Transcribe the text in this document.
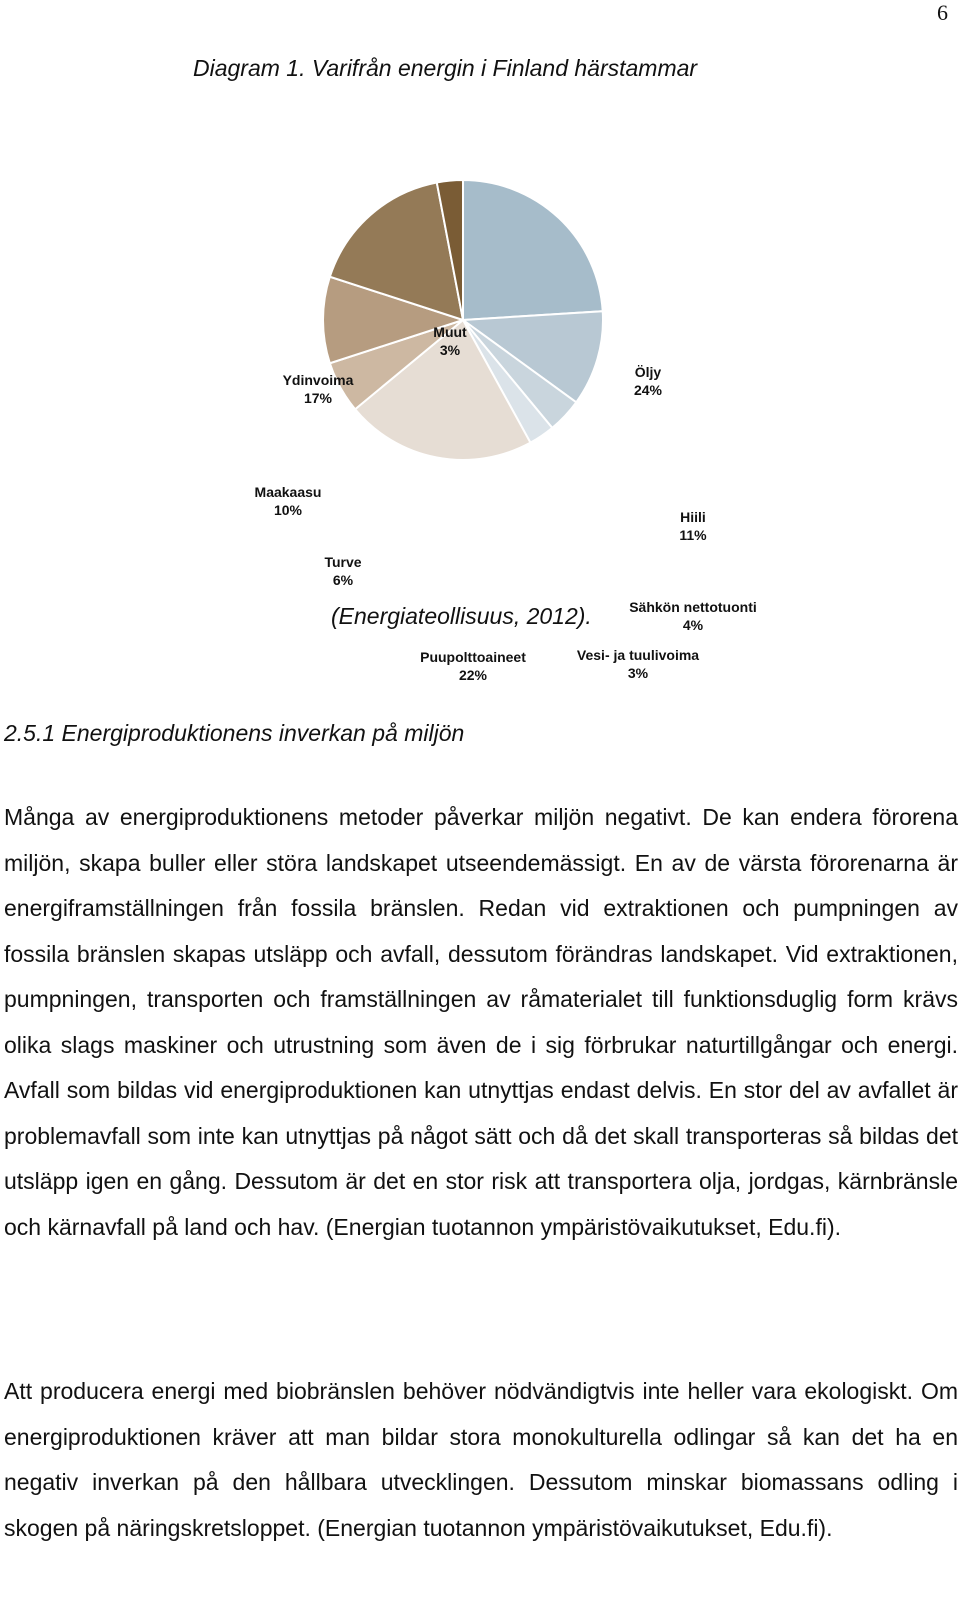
6
Diagram 1. Varifrån energin i Finland härstammar
Öljy
24%
Hiili
11%
Sähkön nettotuonti
4%
Vesi- ja tuulivoima
3%
Puupolttoaineet
22%
Turve
6%
Maakaasu
10%
Ydinvoima
17%
Muut
3%
(Energiateollisuus, 2012).
2.5.1 Energiproduktionens inverkan på miljön

Många av energiproduktionens metoder påverkar miljön negativt. De kan endera förorena miljön, skapa buller eller störa landskapet utseendemässigt. En av de värsta förorenarna är energiframställningen från fossila bränslen. Redan vid extraktionen och pumpningen av fossila bränslen skapas utsläpp och avfall, dessutom förändras landskapet. Vid extraktionen, pumpningen, transporten och framställningen av råmaterialet till funktionsduglig form krävs olika slags maskiner och utrustning som även de i sig förbrukar naturtillgångar och energi. Avfall som bildas vid energiproduktionen kan utnyttjas endast delvis. En stor del av avfallet är problemavfall som inte kan utnyttjas på något sätt och då det skall transporteras så bildas det utsläpp igen en gång. Dessutom är det en stor risk att transportera olja, jordgas, kärnbränsle och kärnavfall på land och hav. (Energian tuotannon ympäristövaikutukset, Edu.fi).

Att producera energi med biobränslen behöver nödvändigtvis inte heller vara ekologiskt. Om energiproduktionen kräver att man bildar stora monokulturella odlingar så kan det ha en negativ inverkan på den hållbara utvecklingen. Dessutom minskar biomassans odling i skogen på näringskretsloppet. (Energian tuotannon ympäristövaikutukset, Edu.fi).
